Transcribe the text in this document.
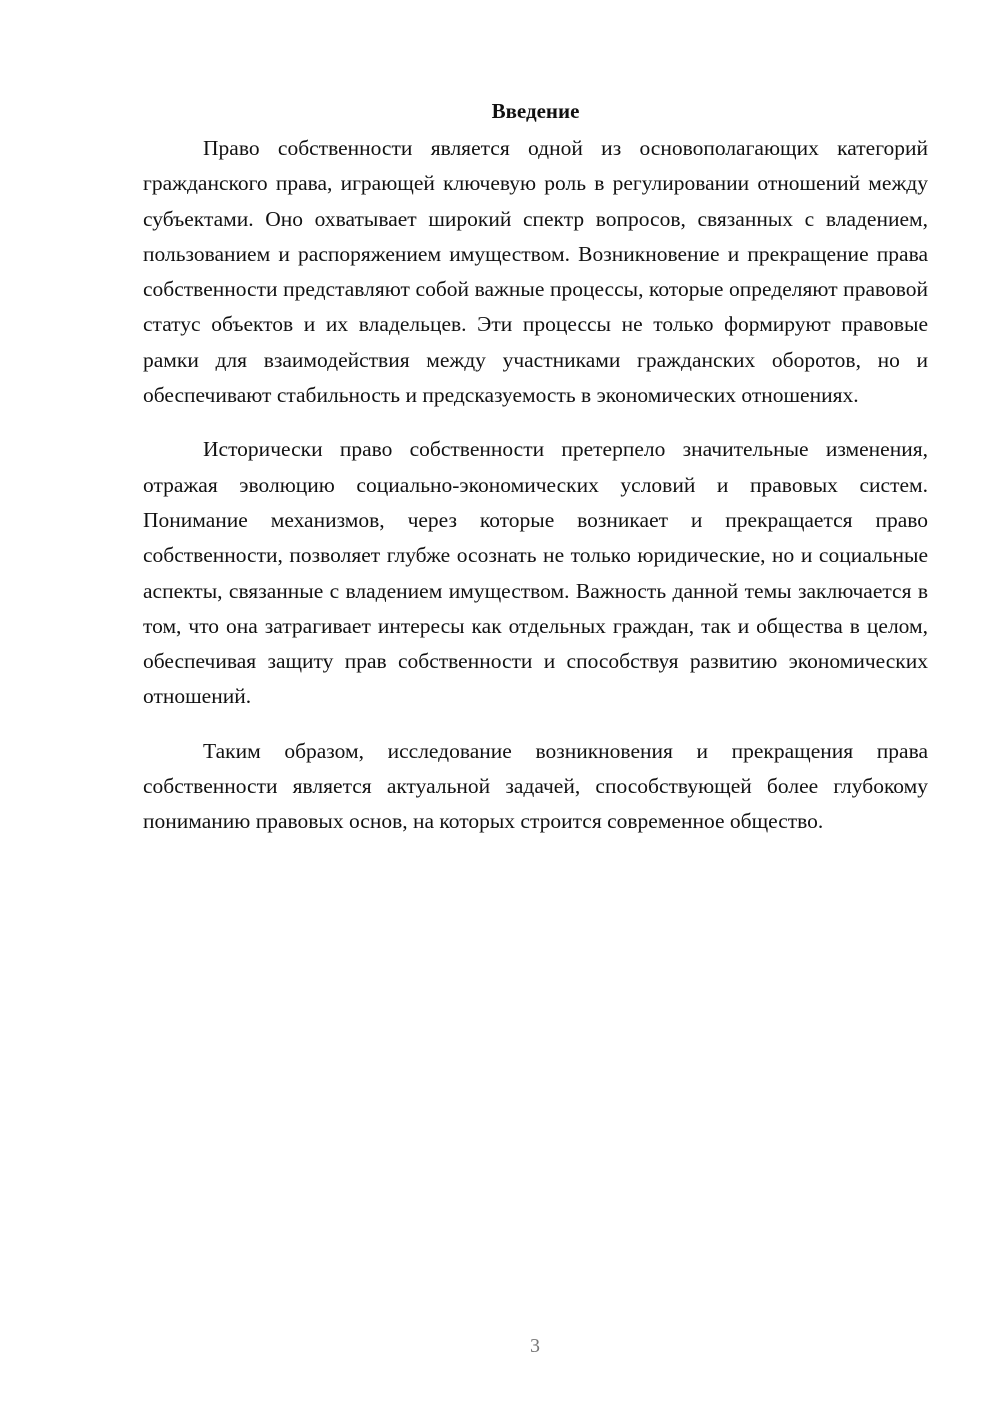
Введение

Право собственности является одной из основополагающих категорий гражданского права, играющей ключевую роль в регулировании отношений между субъектами. Оно охватывает широкий спектр вопросов, связанных с владением, пользованием и распоряжением имуществом. Возникновение и прекращение права собственности представляют собой важные процессы, которые определяют правовой статус объектов и их владельцев. Эти процессы не только формируют правовые рамки для взаимодействия между участниками гражданских оборотов, но и обеспечивают стабильность и предсказуемость в экономических отношениях.

Исторически право собственности претерпело значительные изменения, отражая эволюцию социально-экономических условий и правовых систем. Понимание механизмов, через которые возникает и прекращается право собственности, позволяет глубже осознать не только юридические, но и социальные аспекты, связанные с владением имуществом. Важность данной темы заключается в том, что она затрагивает интересы как отдельных граждан, так и общества в целом, обеспечивая защиту прав собственности и способствуя развитию экономических отношений.

Таким образом, исследование возникновения и прекращения права собственности является актуальной задачей, способствующей более глубокому пониманию правовых основ, на которых строится современное общество.

3
